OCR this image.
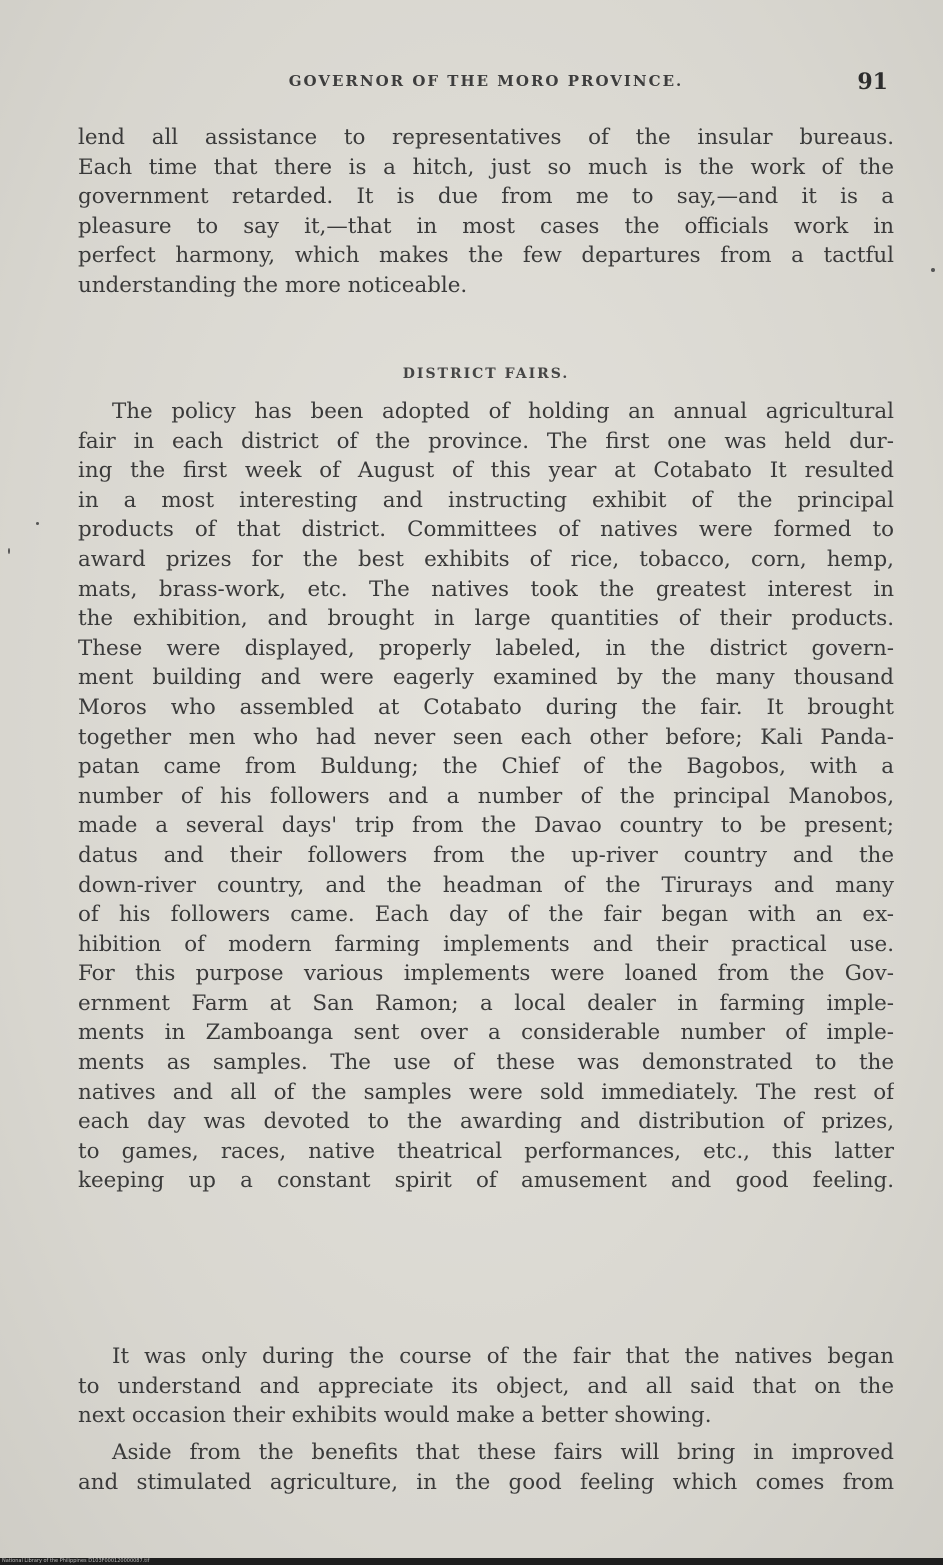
GOVERNOR OF THE MORO PROVINCE.	91
lend all assistance to representatives of the insular bureaus.
Each time that there is a hitch, just so much is the work of the
government retarded. It is due from me to say,—and it is a
pleasure to say it,—that in most cases the officials work in
perfect harmony, which makes the few departures from a tactful
understanding the more noticeable.
DISTRICT FAIRS.
The policy has been adopted of holding an annual agricultural
fair in each district of the province. The first one was held dur-
ing the first week of August of this year at Cotabato It resulted
in a most interesting and instructing exhibit of the principal
products of that district. Committees of natives were formed to
award prizes for the best exhibits of rice, tobacco, corn, hemp,
mats, brass-work, etc. The natives took the greatest interest in
the exhibition, and brought in large quantities of their products.
These were displayed, properly labeled, in the district govern-
ment building and were eagerly examined by the many thousand
Moros who assembled at Cotabato during the fair. It brought
together men who had never seen each other before; Kali Panda-
patan came from Buldung; the Chief of the Bagobos, with a
number of his followers and a number of the principal Manobos,
made a several days' trip from the Davao country to be present;
datus and their followers from the up-river country and the
down-river country, and the headman of the Tirurays and many
of his followers came. Each day of the fair began with an ex-
hibition of modern farming implements and their practical use.
For this purpose various implements were loaned from the Gov-
ernment Farm at San Ramon; a local dealer in farming imple-
ments in Zamboanga sent over a considerable number of imple-
ments as samples. The use of these was demonstrated to the
natives and all of the samples were sold immediately. The rest of
each day was devoted to the awarding and distribution of prizes,
to games, races, native theatrical performances, etc., this latter
keeping up a constant spirit of amusement and good feeling.
It was only during the course of the fair that the natives began
to understand and appreciate its object, and all said that on the
next occasion their exhibits would make a better showing.
Aside from the benefits that these fairs will bring in improved
and stimulated agriculture, in the good feeling which comes from
National Library of the Philippines D103F000120000087.tif
